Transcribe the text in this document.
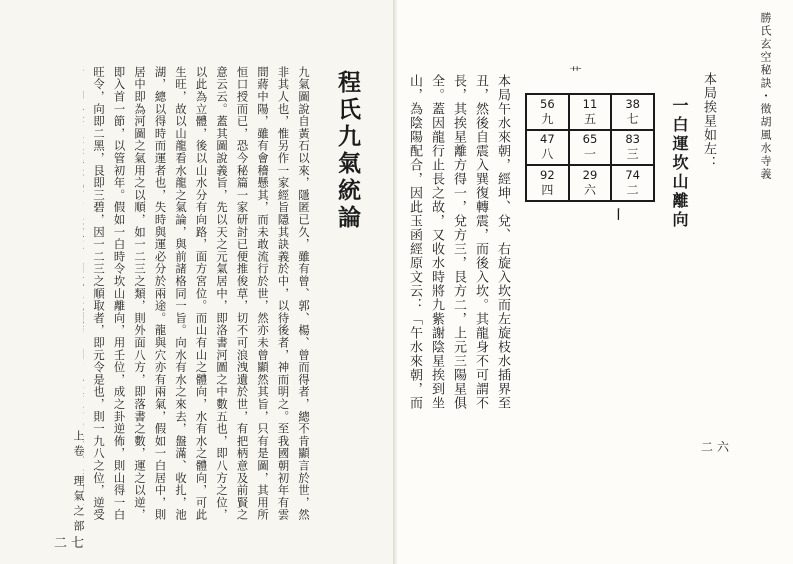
程氏九氣統論

九氣圖說自黃石以來，隱匿已久，雖有曾、郭、楊、曾而得者，總不肯顯言於世，然非其人也，惟另作一家經旨隱其訣義於中，以待後者，神而明之。至我國朝初年有雲間蔣中陽，雖有會稽懸其，而未敢流行於世，然亦未曾顯然其旨，只有是圖，其用所恒口授而已，恐今秘篇一家研討已便推俊草，切不可浪洩遺於世，有把柄意及前賢之意云云。蓋其圖說義旨，先以天之元氣居中，即洛書河圖之中數五也，即八方之位，以此為立體，後以山水分有向路，面方宮位。而山有山之體向，水有水之體向，可此生旺，故以山龍看水龍之氣論，與前諸格同一旨。向水有水之來去，盤滿、收扎，池湖，總以得時而運者也，失時與運必分於兩途。龍與穴亦有兩氣，假如一白居中，則居中即為河圖之氣用之以順，如一二三之類，則外面八方，即落書之數，運之以逆，即入首一節，以管初年。假如一白時令坎山離向，用壬位，成之卦逆佈，則山得一白旺令，向即二黑，艮即三碧，因一二三之順取者，即元令是也，則一九八之位，逆受

上卷　理氣之部
二七
勝氏玄空秘訣・徵胡風水寺義
本局挨星如左：
一白運坎山離向
艹
丨
56
九
11
五
38
七
47
八
65
一
83
三
92
四
29
六
74
二

本局午水來朝，經坤、兌、右旋入坎而左旋枝水插界至丑，然後自震入巽復轉震，而後入坎。其龍身不可謂不長，其挨星離方得一，兌方三，艮方二，上元三陽星俱全。蓋因龍行止長之故，又收水時將九紫謝陰星挨到坐山，為陰陽配合，因此玉函經原文云：「午水來朝，而

二六
